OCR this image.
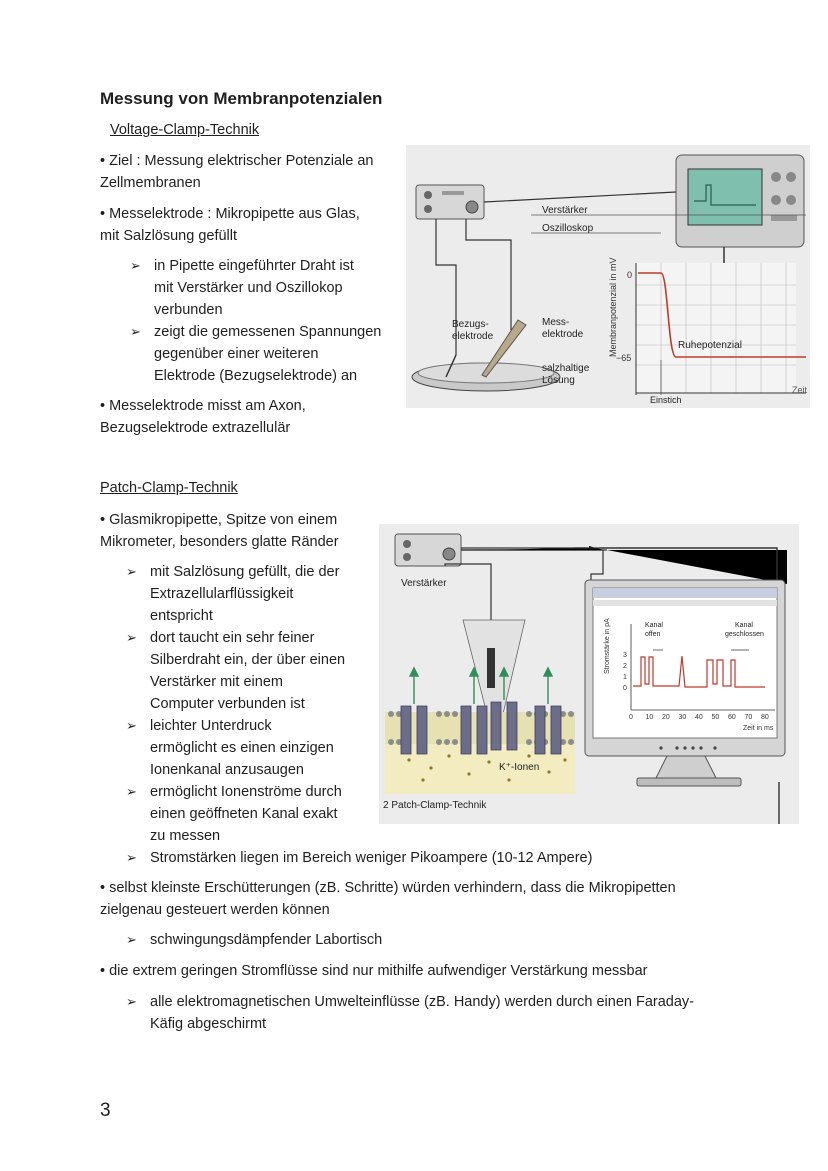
Messung von Membranpotenzialen
Voltage-Clamp-Technik
• Ziel : Messung elektrischer Potenziale an
Zellmembranen
• Messelektrode : Mikropipette aus Glas,
mit Salzlösung gefüllt
➢ in Pipette eingeführter Draht ist
mit Verstärker und Oszillokop
verbunden
➢ zeigt die gemessenen Spannungen
gegenüber einer weiteren
Elektrode (Bezugselektrode) an
• Messelektrode misst am Axon,
Bezugselektrode extrazellulär
Verstärker
Oszilloskop
Bezugs-
elektrode
Mess-
elektrode
salzhaltige
Lösung
Membranpotenzial in mV 0
−65
Ruhepotenzial
Einstich
Zeit
Patch-Clamp-Technik
• Glasmikropipette, Spitze von einem
Mikrometer, besonders glatte Ränder
➢ mit Salzlösung gefüllt, die der
Extrazellularflüssigkeit
entspricht
➢ dort taucht ein sehr feiner
Silberdraht ein, der über einen
Verstärker mit einem
Computer verbunden ist
➢ leichter Unterdruck
ermöglicht es einen einzigen
Ionenkanal anzusaugen
➢ ermöglicht Ionenströme durch
einen geöffneten Kanal exakt
zu messen
➢ Stromstärken liegen im Bereich weniger Pikoampere (10-12 Ampere)
• selbst kleinste Erschütterungen (zB. Schritte) würden verhindern, dass die Mikropipetten
zielgenau gesteuert werden können
➢ schwingungsdämpfender Labortisch
• die extrem geringen Stromflüsse sind nur mithilfe aufwendiger Verstärkung messbar
➢ alle elektromagnetischen Umwelteinflüsse (zB. Handy) werden durch einen Faraday-
Käfig abgeschirmt
Verstärker
K⁺-Ionen
2 Patch-Clamp-Technik
Stromstärke in pA	Kanal
offen
Kanal
geschlossen
0 10 20 30 40 50 60 70 80
0
1
2
3
Zeit in ms
3
